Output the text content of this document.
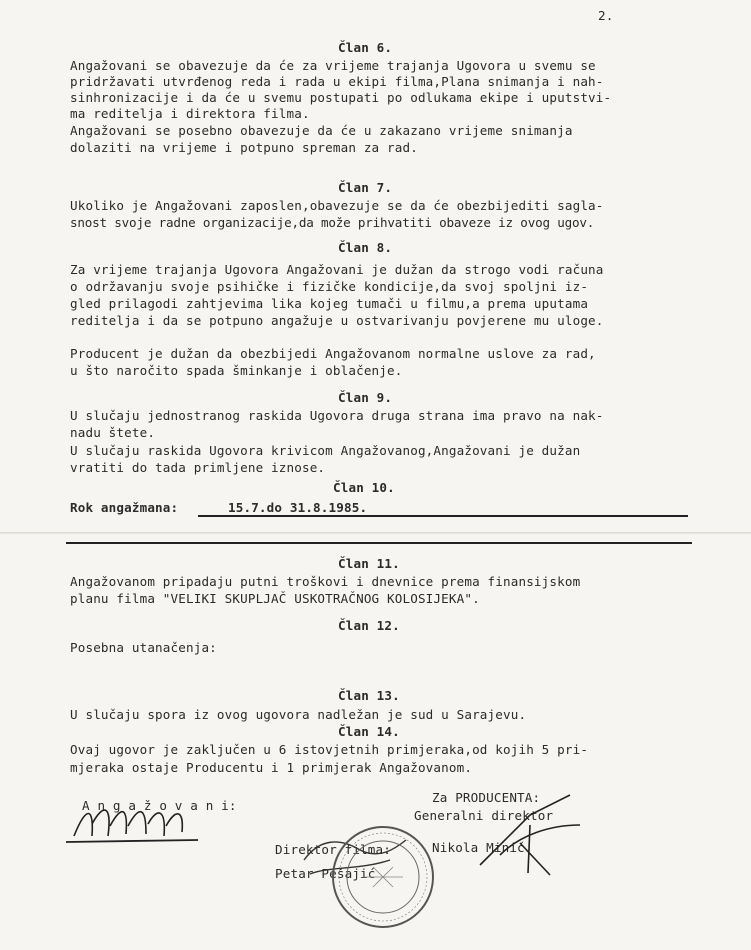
2.
Član 6.
Angažovani se obavezuje da će za vrijeme trajanja Ugovora u svemu se
pridržavati utvrđenog reda i rada u ekipi filma,Plana snimanja i nah-
sinhronizacije i da će u svemu postupati po odlukama ekipe i uputstvi-
ma reditelja i direktora filma.
Angažovani se posebno obavezuje da će u zakazano vrijeme snimanja
dolaziti na vrijeme i potpuno spreman za rad.
Član 7.
Ukoliko je Angažovani zaposlen,obavezuje se da će obezbijediti sagla-
snost svoje radne organizacije,da može prihvatiti obaveze iz ovog ugov.
Član 8.
Za vrijeme trajanja Ugovora Angažovani je dužan da strogo vodi računa
o održavanju svoje psihičke i fizičke kondicije,da svoj spoljni iz-
gled prilagodi zahtjevima lika kojeg tumači u filmu,a prema uputama
reditelja i da se potpuno angažuje u ostvarivanju povjerene mu uloge.
Producent je dužan da obezbijedi Angažovanom normalne uslove za rad,
u što naročito spada šminkanje i oblačenje.
Član 9.
U slučaju jednostranog raskida Ugovora druga strana ima pravo na nak-
nadu štete.
U slučaju raskida Ugovora krivicom Angažovanog,Angažovani je dužan
vratiti do tada primljene iznose.
Član 10.
Rok angažmana:	15.7.do 31.8.1985.
Član 11.
Angažovanom pripadaju putni troškovi i dnevnice prema finansijskom
planu filma "VELIKI SKUPLJAČ USKOTRAČNOG KOLOSIJEKA".
Član 12.
Posebna utanačenja:
Član 13.
U slučaju spora iz ovog ugovora nadležan je sud u Sarajevu.
Član 14.
Ovaj ugovor je zaključen u 6 istovjetnih primjeraka,od kojih 5 pri-
mjeraka ostaje Producentu i 1 primjerak Angažovanom.
A n g a ž o v a n i:
Za PRODUCENTA:
Generalni direktor
Nikola Minić
Direktor filma:
Petar Pešajić
